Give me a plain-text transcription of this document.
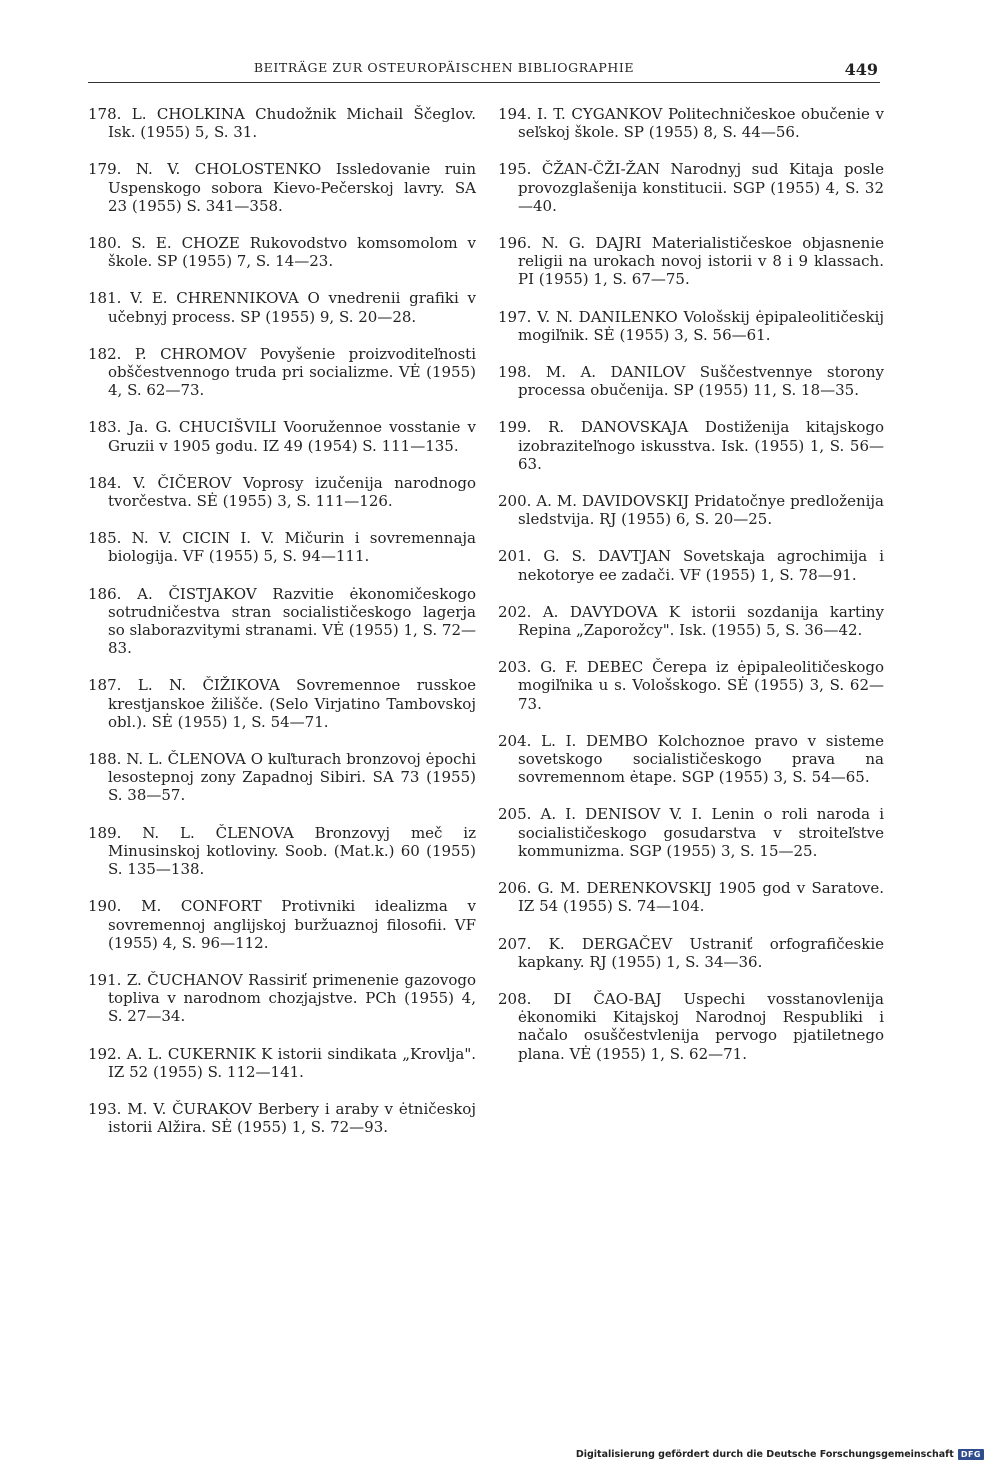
BEITRÄGE ZUR OSTEUROPÄISCHEN BIBLIOGRAPHIE	449

178. L. CHOLKINA Chudožnik Michail Ščeglov. Isk. (1955) 5, S. 31.

179. N. V. CHOLOSTENKO Issledovanie ruin Uspenskogo sobora Kievo-Pečerskoj lavry. SA 23 (1955) S. 341—358.

180. S. E. CHOZE Rukovodstvo komsomolom v škole. SP (1955) 7, S. 14—23.

181. V. E. CHRENNIKOVA O vnedrenii grafiki v učebnyj process. SP (1955) 9, S. 20—28.

182. P. CHROMOV Povyšenie proizvoditeľnosti obščestvennogo truda pri socializme. VĖ (1955) 4, S. 62—73.

183. Ja. G. CHUCIŠVILI Vooružennoe vosstanie v Gruzii v 1905 godu. IZ 49 (1954) S. 111—135.

184. V. ČIČEROV Voprosy izučenija narodnogo tvorčestva. SĖ (1955) 3, S. 111—126.

185. N. V. CICIN I. V. Mičurin i sovremennaja biologija. VF (1955) 5, S. 94—111.

186. A. ČISTJAKOV Razvitie ėkonomičeskogo sotrudničestva stran socialističeskogo lagerja so slaborazvitymi stranami. VĖ (1955) 1, S. 72—83.

187. L. N. ČIŽIKOVA Sovremennoe russkoe krestjanskoe žilišče. (Selo Virjatino Tambovskoj obl.). SĖ (1955) 1, S. 54—71.

188. N. L. ČLENOVA O kuľturach bronzovoj ėpochi lesostepnoj zony Zapadnoj Sibiri. SA 73 (1955) S. 38—57.

189. N. L. ČLENOVA Bronzovyj meč iz Minusinskoj kotloviny. Soob. (Mat.k.) 60 (1955) S. 135—138.

190. M. CONFORT Protivniki idealizma v sovremennoj anglijskoj buržuaznoj filosofii. VF (1955) 4, S. 96—112.

191. Z. ČUCHANOV Rassiriť primenenie gazovogo topliva v narodnom chozjajstve. PCh (1955) 4, S. 27—34.

192. A. L. CUKERNIK K istorii sindikata „Krovlja". IZ 52 (1955) S. 112—141.

193. M. V. ČURAKOV Berbery i araby v ėtničeskoj istorii Alžira. SĖ (1955) 1, S. 72—93.

194. I. T. CYGANKOV Politechničeskoe obučenie v seľskoj škole. SP (1955) 8, S. 44—56.

195. ČŽAN-ČŽI-ŽAN Narodnyj sud Kitaja posle provozglašenija konstitucii. SGP (1955) 4, S. 32—40.

196. N. G. DAJRI Materialističeskoe objasnenie religii na urokach novoj istorii v 8 i 9 klassach. PI (1955) 1, S. 67—75.

197. V. N. DANILENKO Vološskij ėpipaleolitičeskij mogiľnik. SĖ (1955) 3, S. 56—61.

198. M. A. DANILOV Suščestvennye storony processa obučenija. SP (1955) 11, S. 18—35.

199. R. DANOVSKAJA Dostiženija kitajskogo izobraziteľnogo iskusstva. Isk. (1955) 1, S. 56—63.

200. A. M. DAVIDOVSKIJ Pridatočnye predloženija sledstvija. RJ (1955) 6, S. 20—25.

201. G. S. DAVTJAN Sovetskaja agrochimija i nekotorye ee zadači. VF (1955) 1, S. 78—91.

202. A. DAVYDOVA K istorii sozdanija kartiny Repina „Zaporožcy". Isk. (1955) 5, S. 36—42.

203. G. F. DEBEC Čerepa iz ėpipaleolitičeskogo mogiľnika u s. Vološskogo. SĖ (1955) 3, S. 62—73.

204. L. I. DEMBO Kolchoznoe pravo v sisteme sovetskogo socialističeskogo prava na sovremennom ėtape. SGP (1955) 3, S. 54—65.

205. A. I. DENISOV V. I. Lenin o roli naroda i socialističeskogo gosudarstva v stroiteľstve kommunizma. SGP (1955) 3, S. 15—25.

206. G. M. DERENKOVSKIJ 1905 god v Saratove. IZ 54 (1955) S. 74—104.

207. K. DERGAČEV Ustraniť orfografičeskie kapkany. RJ (1955) 1, S. 34—36.

208. DI ČAO-BAJ Uspechi vosstanovlenija ėkonomiki Kitajskoj Narodnoj Respubliki i načalo osuščestvlenija pervogo pjatiletnego plana. VĖ (1955) 1, S. 62—71.

Digitalisierung gefördert durch die Deutsche Forschungsgemeinschaft DFG
